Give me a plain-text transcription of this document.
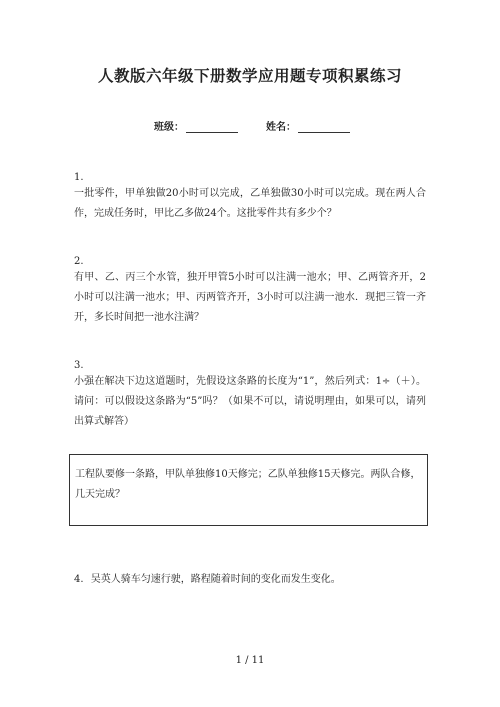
人教版六年级下册数学应用题专项积累练习
班级：	姓名：
1.
一批零件，甲单独做20小时可以完成，乙单独做30小时可以完成。现在两人合作，完成任务时，甲比乙多做24个。这批零件共有多少个？
2.
有甲、乙、丙三个水管，独开甲管5小时可以注满一池水；甲、乙两管齐开，2小时可以注满一池水；甲、丙两管齐开，3小时可以注满一池水．现把三管一齐开，多长时间把一池水注满？
3.
小强在解决下边这道题时，先假设这条路的长度为“1”，然后列式：1÷（＋）。请问：可以假设这条路为“5”吗？（如果不可以，请说明理由，如果可以，请列出算式解答）
工程队要修一条路，甲队单独修10天修完；乙队单独修15天修完。两队合修，几天完成？
4. 吴英人骑车匀速行驶，路程随着时间的变化而发生变化。
1 / 11
